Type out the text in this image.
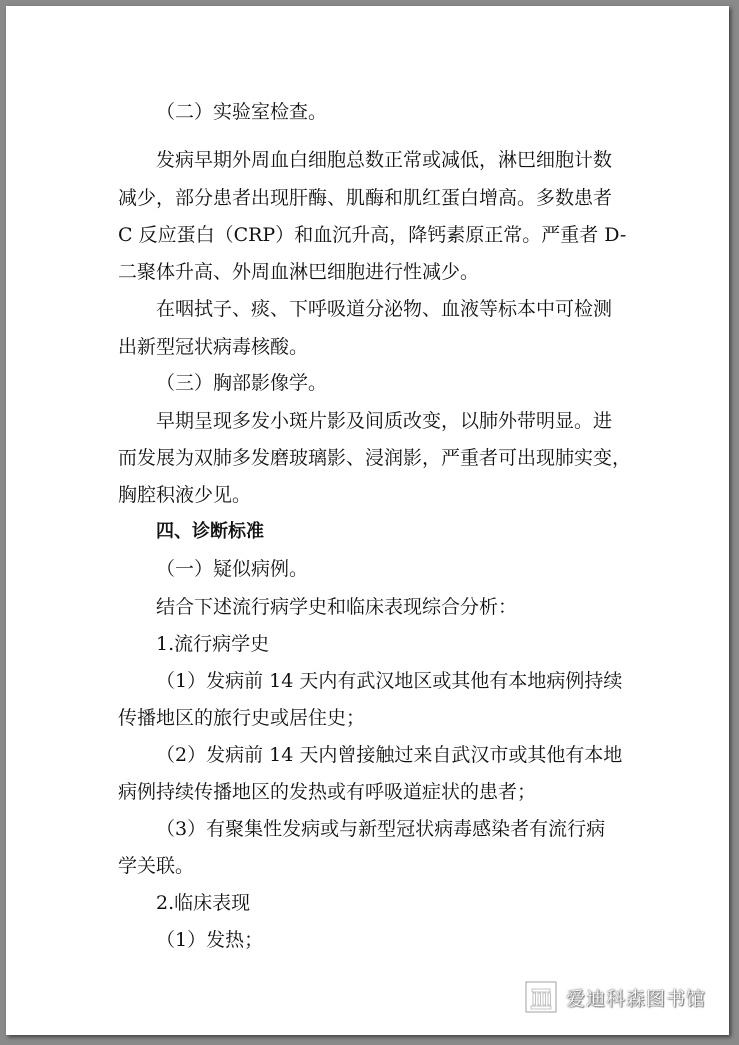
（二）实验室检查。
发病早期外周血白细胞总数正常或减低，淋巴细胞计数
减少，部分患者出现肝酶、肌酶和肌红蛋白增高。多数患者
C 反应蛋白（CRP）和血沉升高，降钙素原正常。严重者 D-
二聚体升高、外周血淋巴细胞进行性减少。
在咽拭子、痰、下呼吸道分泌物、血液等标本中可检测
出新型冠状病毒核酸。
（三）胸部影像学。
早期呈现多发小斑片影及间质改变，以肺外带明显。进
而发展为双肺多发磨玻璃影、浸润影，严重者可出现肺实变，
胸腔积液少见。
四、诊断标准
（一）疑似病例。
结合下述流行病学史和临床表现综合分析：
1.流行病学史
（1）发病前 14 天内有武汉地区或其他有本地病例持续
传播地区的旅行史或居住史；
（2）发病前 14 天内曾接触过来自武汉市或其他有本地
病例持续传播地区的发热或有呼吸道症状的患者；
（3）有聚集性发病或与新型冠状病毒感染者有流行病
学关联。
2.临床表现
（1）发热；
爱迪科森图书馆
